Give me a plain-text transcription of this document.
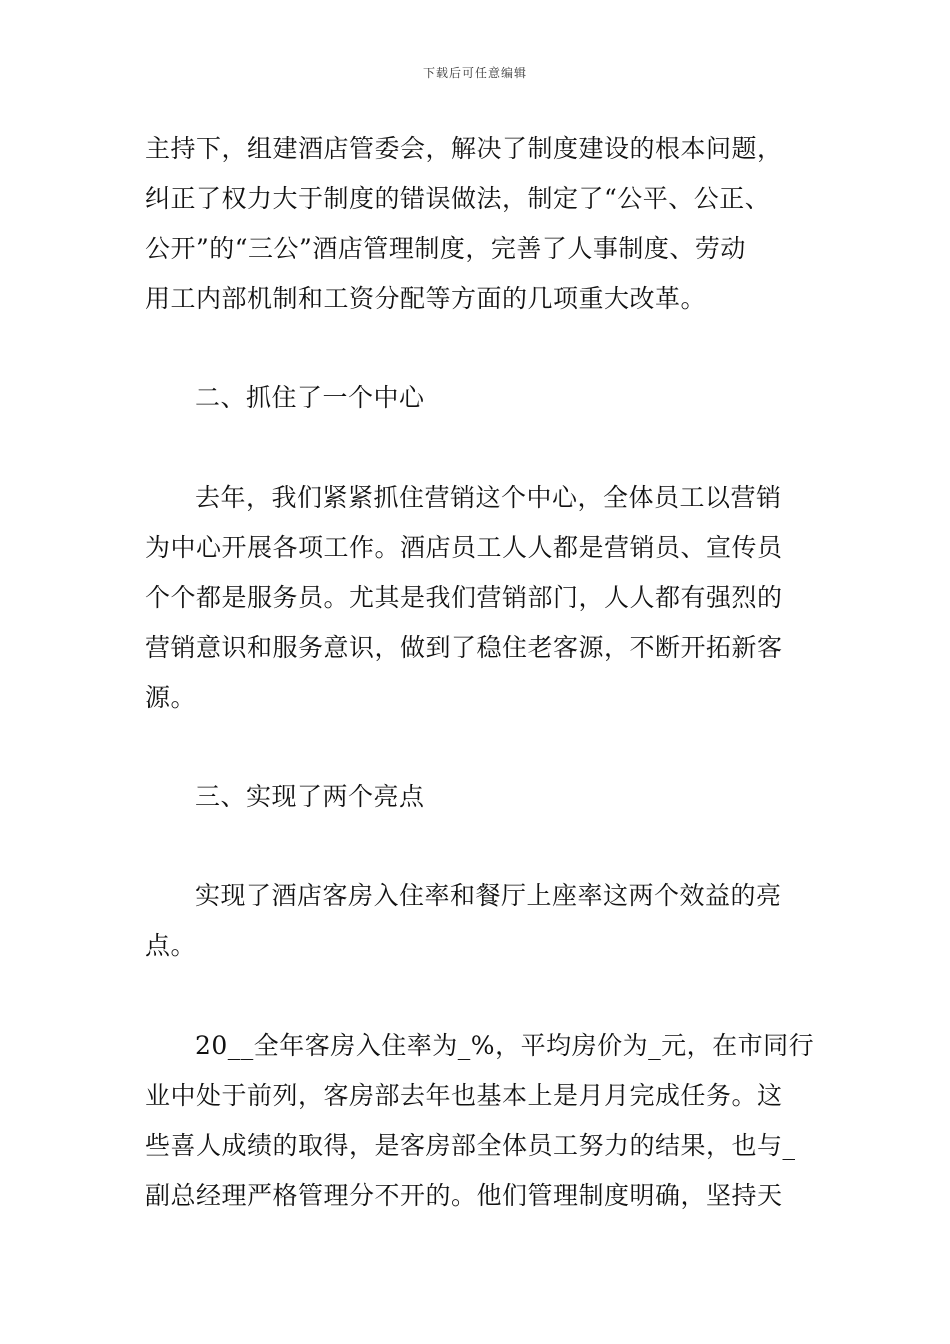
下载后可任意编辑
主持下，组建酒店管委会，解决了制度建设的根本问题，
纠正了权力大于制度的错误做法，制定了“公平、公正、
公开”的“三公”酒店管理制度，完善了人事制度、劳动
用工内部机制和工资分配等方面的几项重大改革。
二、抓住了一个中心
去年，我们紧紧抓住营销这个中心，全体员工以营销
为中心开展各项工作。酒店员工人人都是营销员、宣传员
个个都是服务员。尤其是我们营销部门，人人都有强烈的
营销意识和服务意识，做到了稳住老客源，不断开拓新客
源。
三、实现了两个亮点
实现了酒店客房入住率和餐厅上座率这两个效益的亮
点。
20__全年客房入住率为_%，平均房价为_元，在市同行
业中处于前列，客房部去年也基本上是月月完成任务。这
些喜人成绩的取得，是客房部全体员工努力的结果，也与_
副总经理严格管理分不开的。他们管理制度明确，坚持天
